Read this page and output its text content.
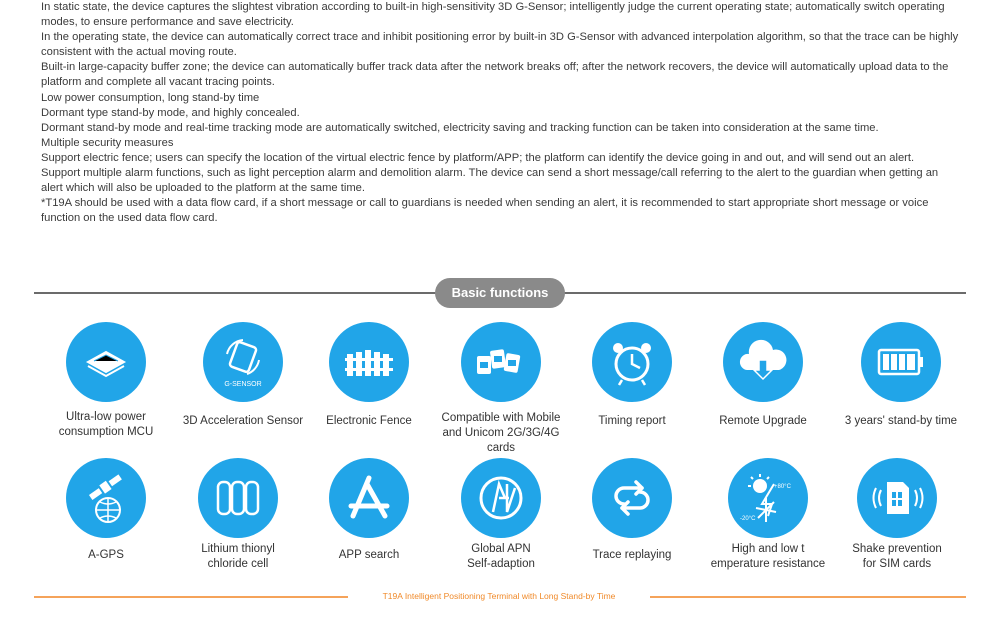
In static state, the device captures the slightest vibration according to built-in high-sensitivity 3D G-Sensor; intelligently judge the current operating state; automatically switch operating modes, to ensure performance and save electricity.

In the operating state, the device can automatically correct trace and inhibit positioning error by built-in 3D G-Sensor with advanced interpolation algorithm, so that the trace can be highly consistent with the actual moving route.

Built-in large-capacity buffer zone; the device can automatically buffer track data after the network breaks off; after the network recovers, the device will automatically upload data to the platform and complete all vacant tracing points.

Low power consumption, long stand-by time

Dormant type stand-by mode, and highly concealed.

Dormant stand-by mode and real-time tracking mode are automatically switched, electricity saving and tracking function can be taken into consideration at the same time.

Multiple security measures

Support electric fence; users can specify the location of the virtual electric fence by platform/APP; the platform can identify the device going in and out, and will send out an alert.

Support multiple alarm functions, such as light perception alarm and demolition alarm. The device can send a short message/call referring to the alert to the guardian when getting an alert which will also be uploaded to the platform at the same time.

*T19A should be used with a data flow card, if a short message or call to guardians is needed when sending an alert, it is recommended to start appropriate short message or voice function on the used data flow card.

Basic functions
Ultra-low power
consumption MCU
G-SENSOR
3D Acceleration Sensor	Electronic Fence	Compatible with Mobile
and Unicom 2G/3G/4G cards
Timing report	Remote Upgrade	3 years' stand-by time
A-GPS	Lithium thionyl
chloride cell
APP search	Global APN
Self-adaption
Trace replaying
+80°C
-20°C
High and low t
emperature resistance
Shake prevention
for SIM cards
T19A Intelligent Positioning Terminal with Long Stand-by Time
